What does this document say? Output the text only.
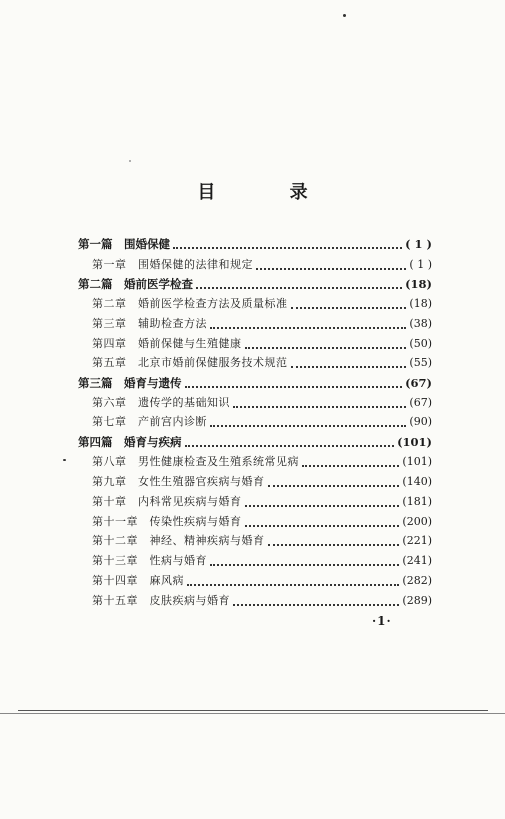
目 录
第一篇　围婚保健	( 1 )
第一章　围婚保健的法律和规定	( 1 )
第二篇　婚前医学检查	(18)
第二章　婚前医学检查方法及质量标准	(18)
第三章　辅助检查方法	(38)
第四章　婚前保健与生殖健康	(50)
第五章　北京市婚前保健服务技术规范	(55)
第三篇　婚育与遗传	(67)
第六章　遗传学的基础知识	(67)
第七章　产前宫内诊断	(90)
第四篇　婚育与疾病	(101)
第八章　男性健康检查及生殖系统常见病	(101)
第九章　女性生殖器官疾病与婚育	(140)
第十章　内科常见疾病与婚育	(181)
第十一章　传染性疾病与婚育	(200)
第十二章　神经、精神疾病与婚育	(221)
第十三章　性病与婚育	(241)
第十四章　麻风病	(282)
第十五章　皮肤疾病与婚育	(289)
·1·
